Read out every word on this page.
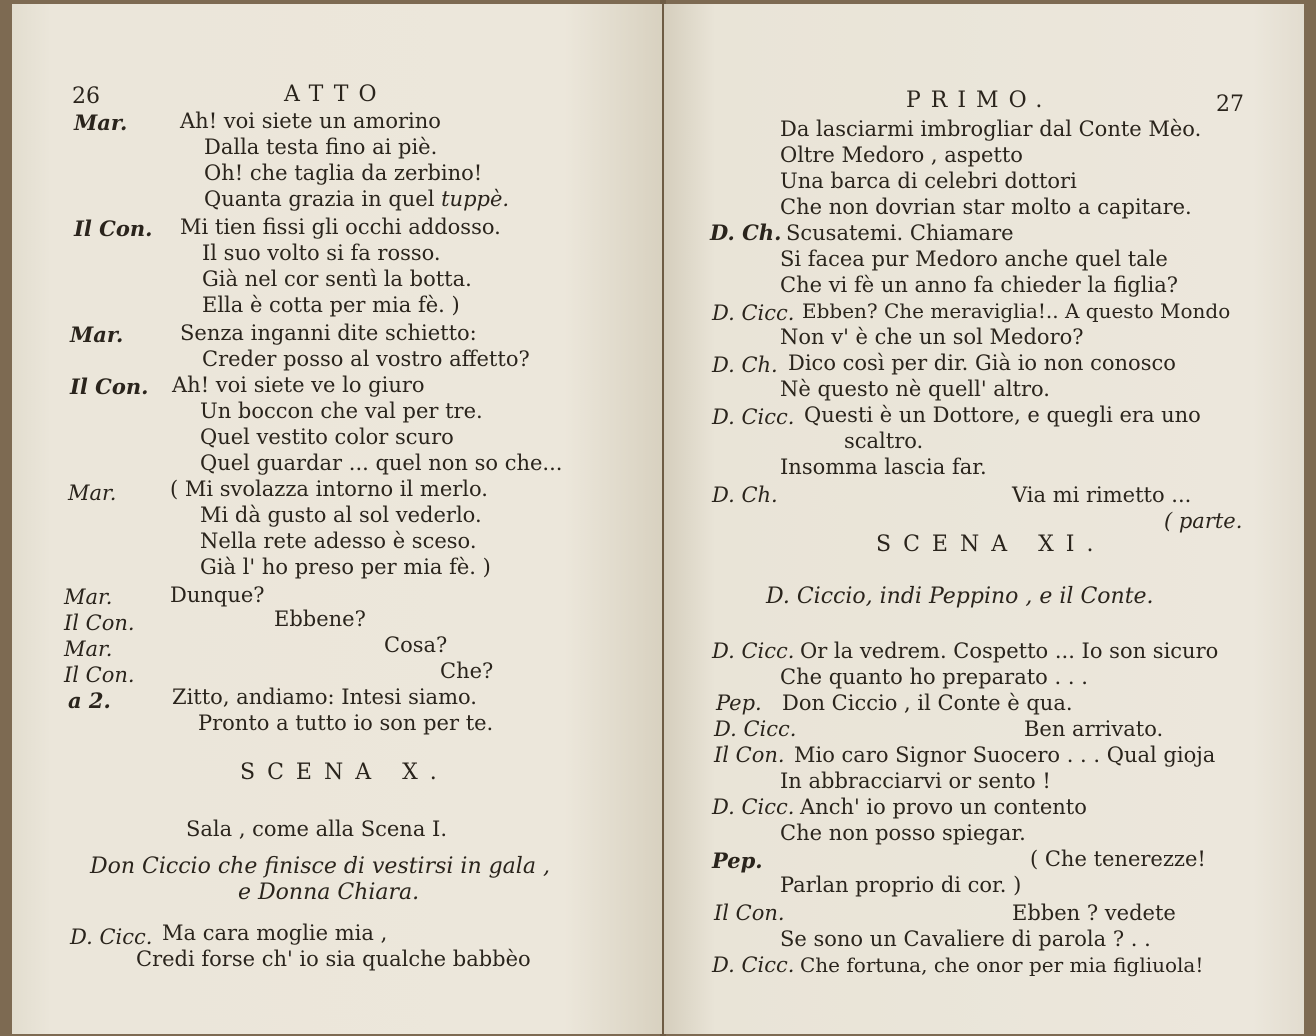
26	ATTO
Mar.	Ah! voi siete un amorino
Dalla testa fino ai piè.
Oh! che taglia da zerbino!
Quanta grazia in quel tuppè.
Il Con. Mi tien fissi gli occhi addosso.
Il suo volto si fa rosso.
Già nel cor sentì la botta.
Ella è cotta per mia fè. )
Mar.	Senza inganni dite schietto:
Creder posso al vostro affetto?
Il Con. Ah! voi siete ve lo giuro
Un boccon che val per tre.
Quel vestito color scuro
Quel guardar ... quel non so che...
Mar.	( Mi svolazza intorno il merlo.
Mi dà gusto al sol vederlo.
Nella rete adesso è sceso.
Già l' ho preso per mia fè. )
Mar.	Dunque?
Il Con.	Ebbene?
Mar.	Cosa?
Il Con.	Che?
a 2.	Zitto, andiamo: Intesi siamo.
Pronto a tutto io son per te.
SCENA X.
Sala , come alla Scena I.
Don Ciccio che finisce di vestirsi in gala ,
e Donna Chiara.
D. Cicc. Ma cara moglie mia ,
Credi forse ch' io sia qualche babbèo
PRIMO.	27
Da lasciarmi imbrogliar dal Conte Mèo.
Oltre Medoro , aspetto
Una barca di celebri dottori
Che non dovrian star molto a capitare.
D. Ch. Scusatemi. Chiamare
Si facea pur Medoro anche quel tale
Che vi fè un anno fa chieder la figlia?
D. Cicc. Ebben? Che meraviglia!.. A questo Mondo
Non v' è che un sol Medoro?
D. Ch. Dico così per dir. Già io non conosco
Nè questo nè quell' altro.
D. Cicc. Questi è un Dottore, e quegli era uno
scaltro.
Insomma lascia far.
D. Ch.	Via mi rimetto ...
( parte.
SCENA XI.
D. Ciccio, indi Peppino , e il Conte.
D. Cicc. Or la vedrem. Cospetto ... Io son sicuro
Che quanto ho preparato . . .
Pep. Don Ciccio , il Conte è qua.
D. Cicc.	Ben arrivato.
Il Con. Mio caro Signor Suocero . . . Qual gioja
In abbracciarvi or sento !
D. Cicc. Anch' io provo un contento
Che non posso spiegar.
Pep.	( Che tenerezze!
Parlan proprio di cor. )
Il Con.	Ebben ? vedete
Se sono un Cavaliere di parola ? . .
D. Cicc. Che fortuna, che onor per mia figliuola!
